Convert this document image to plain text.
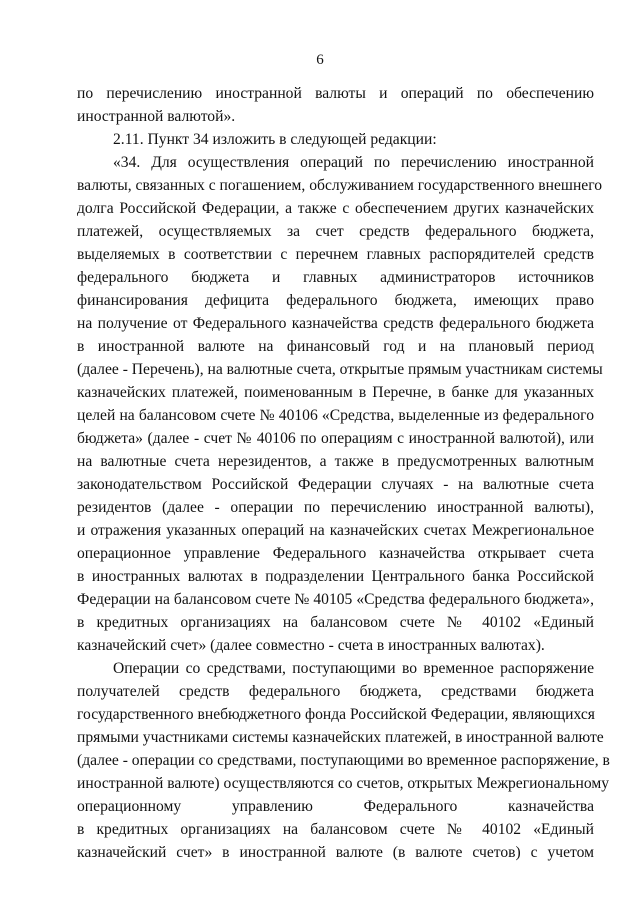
6
по перечислению иностранной валюты и операций по обеспечению
иностранной валютой».
2.11. Пункт 34 изложить в следующей редакции:
«34. Для осуществления операций по перечислению иностранной
валюты, связанных с погашением, обслуживанием государственного внешнего
долга Российской Федерации, а также с обеспечением других казначейских
платежей, осуществляемых за счет средств федерального бюджета,
выделяемых в соответствии с перечнем главных распорядителей средств
федерального бюджета и главных администраторов источников
финансирования дефицита федерального бюджета, имеющих право
на получение от Федерального казначейства средств федерального бюджета
в иностранной валюте на финансовый год и на плановый период
(далее - Перечень), на валютные счета, открытые прямым участникам системы
казначейских платежей, поименованным в Перечне, в банке для указанных
целей на балансовом счете № 40106 «Средства, выделенные из федерального
бюджета» (далее - счет № 40106 по операциям с иностранной валютой), или
на валютные счета нерезидентов, а также в предусмотренных валютным
законодательством Российской Федерации случаях - на валютные счета
резидентов (далее - операции по перечислению иностранной валюты),
и отражения указанных операций на казначейских счетах Межрегиональное
операционное управление Федерального казначейства открывает счета
в иностранных валютах в подразделении Центрального банка Российской
Федерации на балансовом счете № 40105 «Средства федерального бюджета»,
в кредитных организациях на балансовом счете № 40102 «Единый
казначейский счет» (далее совместно - счета в иностранных валютах).
Операции со средствами, поступающими во временное распоряжение
получателей средств федерального бюджета, средствами бюджета
государственного внебюджетного фонда Российской Федерации, являющихся
прямыми участниками системы казначейских платежей, в иностранной валюте
(далее - операции со средствами, поступающими во временное распоряжение, в
иностранной валюте) осуществляются со счетов, открытых Межрегиональному
операционному управлению Федерального казначейства
в кредитных организациях на балансовом счете № 40102 «Единый
казначейский счет» в иностранной валюте (в валюте счетов) с учетом
